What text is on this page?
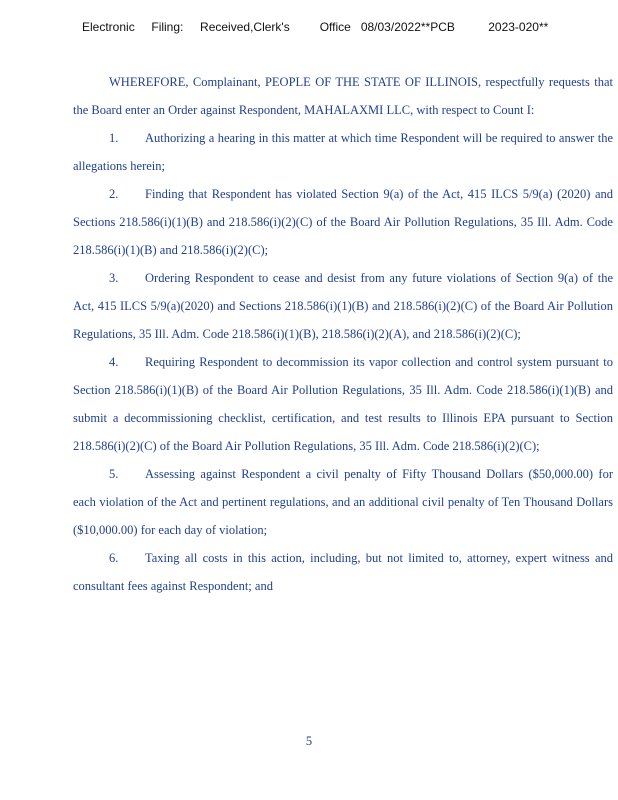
Electronic     Filing:     Received,Clerk's         Office   08/03/2022**PCB          2023-020**

WHEREFORE, Complainant, PEOPLE OF THE STATE OF ILLINOIS, respectfully requests that the Board enter an Order against Respondent, MAHALAXMI LLC, with respect to Count I:

1. Authorizing a hearing in this matter at which time Respondent will be required to answer the allegations herein;

2. Finding that Respondent has violated Section 9(a) of the Act, 415 ILCS 5/9(a) (2020) and Sections 218.586(i)(1)(B) and 218.586(i)(2)(C) of the Board Air Pollution Regulations, 35 Ill. Adm. Code 218.586(i)(1)(B) and 218.586(i)(2)(C);

3. Ordering Respondent to cease and desist from any future violations of Section 9(a) of the Act, 415 ILCS 5/9(a)(2020) and Sections 218.586(i)(1)(B) and 218.586(i)(2)(C) of the Board Air Pollution Regulations, 35 Ill. Adm. Code 218.586(i)(1)(B), 218.586(i)(2)(A), and 218.586(i)(2)(C);

4. Requiring Respondent to decommission its vapor collection and control system pursuant to Section 218.586(i)(1)(B) of the Board Air Pollution Regulations, 35 Ill. Adm. Code 218.586(i)(1)(B) and submit a decommissioning checklist, certification, and test results to Illinois EPA pursuant to Section 218.586(i)(2)(C) of the Board Air Pollution Regulations, 35 Ill. Adm. Code 218.586(i)(2)(C);

5. Assessing against Respondent a civil penalty of Fifty Thousand Dollars ($50,000.00) for each violation of the Act and pertinent regulations, and an additional civil penalty of Ten Thousand Dollars ($10,000.00) for each day of violation;

6. Taxing all costs in this action, including, but not limited to, attorney, expert witness and consultant fees against Respondent; and

5
